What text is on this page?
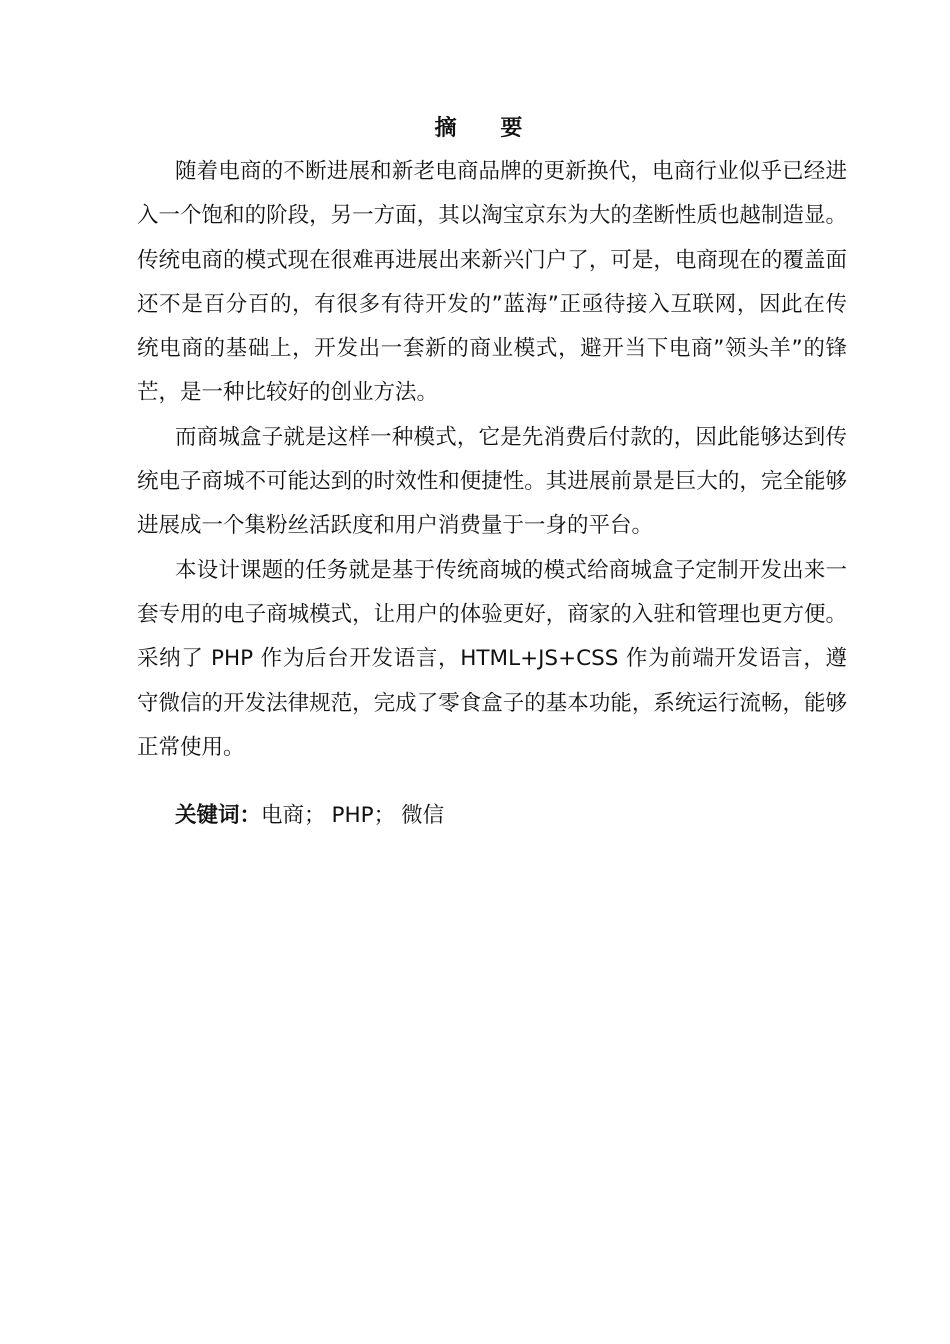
摘 要

随着电商的不断进展和新老电商品牌的更新换代，电商行业似乎已经进入一个饱和的阶段，另一方面，其以淘宝京东为大的垄断性质也越制造显。传统电商的模式现在很难再进展出来新兴门户了，可是，电商现在的覆盖面还不是百分百的，有很多有待开发的”蓝海”正亟待接入互联网，因此在传统电商的基础上，开发出一套新的商业模式，避开当下电商”领头羊”的锋芒，是一种比较好的创业方法。

而商城盒子就是这样一种模式，它是先消费后付款的，因此能够达到传统电子商城不可能达到的时效性和便捷性。其进展前景是巨大的，完全能够进展成一个集粉丝活跃度和用户消费量于一身的平台。

本设计课题的任务就是基于传统商城的模式给商城盒子定制开发出来一套专用的电子商城模式，让用户的体验更好，商家的入驻和管理也更方便。采纳了 PHP 作为后台开发语言，HTML+JS+CSS 作为前端开发语言，遵守微信的开发法律规范，完成了零食盒子的基本功能，系统运行流畅，能够正常使用。

关键词：电商； PHP； 微信
